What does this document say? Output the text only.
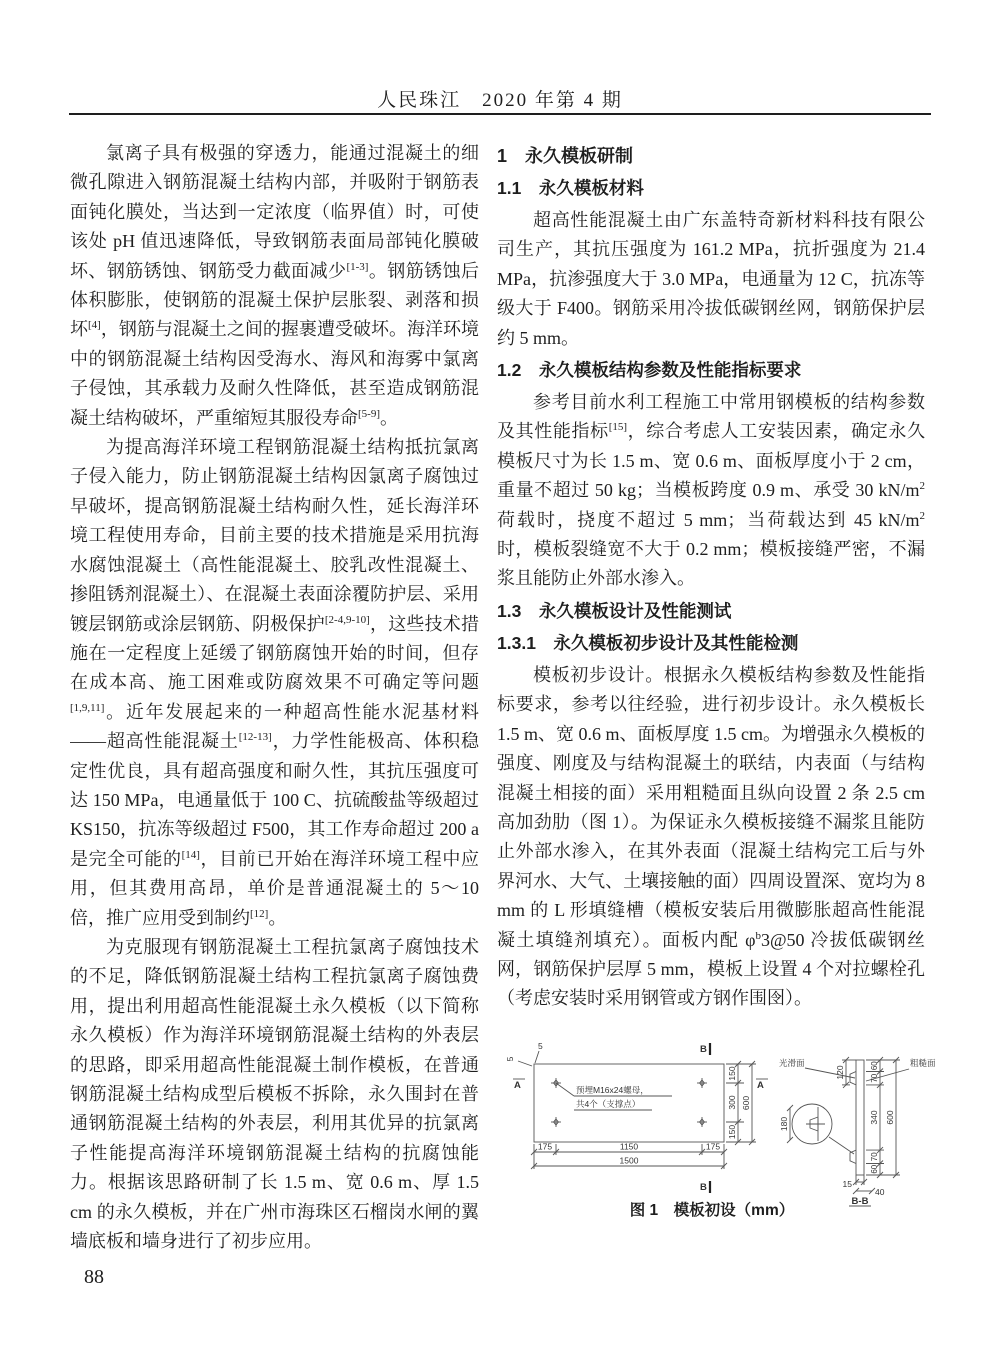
人民珠江　2020 年第 4 期

氯离子具有极强的穿透力，能通过混凝土的细微孔隙进入钢筋混凝土结构内部，并吸附于钢筋表面钝化膜处，当达到一定浓度（临界值）时，可使该处 pH 值迅速降低，导致钢筋表面局部钝化膜破坏、钢筋锈蚀、钢筋受力截面减少[1-3]。钢筋锈蚀后体积膨胀，使钢筋的混凝土保护层胀裂、剥落和损坏[4]，钢筋与混凝土之间的握裹遭受破坏。海洋环境中的钢筋混凝土结构因受海水、海风和海雾中氯离子侵蚀，其承载力及耐久性降低，甚至造成钢筋混凝土结构破坏，严重缩短其服役寿命[5-9]。

为提高海洋环境工程钢筋混凝土结构抵抗氯离子侵入能力，防止钢筋混凝土结构因氯离子腐蚀过早破坏，提高钢筋混凝土结构耐久性，延长海洋环境工程使用寿命，目前主要的技术措施是采用抗海水腐蚀混凝土（高性能混凝土、胶乳改性混凝土、掺阻锈剂混凝土）、在混凝土表面涂覆防护层、采用镀层钢筋或涂层钢筋、阴极保护[2-4,9-10]，这些技术措施在一定程度上延缓了钢筋腐蚀开始的时间，但存在成本高、施工困难或防腐效果不可确定等问题[1,9,11]。近年发展起来的一种超高性能水泥基材料——超高性能混凝土[12-13]，力学性能极高、体积稳定性优良，具有超高强度和耐久性，其抗压强度可达 150 MPa，电通量低于 100 C、抗硫酸盐等级超过 KS150，抗冻等级超过 F500，其工作寿命超过 200 a 是完全可能的[14]，目前已开始在海洋环境工程中应用，但其费用高昂，单价是普通混凝土的 5～10 倍，推广应用受到制约[12]。

为克服现有钢筋混凝土工程抗氯离子腐蚀技术的不足，降低钢筋混凝土结构工程抗氯离子腐蚀费用，提出利用超高性能混凝土永久模板（以下简称永久模板）作为海洋环境钢筋混凝土结构的外表层的思路，即采用超高性能混凝土制作模板，在普通钢筋混凝土结构成型后模板不拆除，永久围封在普通钢筋混凝土结构的外表层，利用其优异的抗氯离子性能提高海洋环境钢筋混凝土结构的抗腐蚀能力。根据该思路研制了长 1.5 m、宽 0.6 m、厚 1.5 cm 的永久模板，并在广州市海珠区石榴岗水闸的翼墙底板和墙身进行了初步应用。

1　永久模板研制
1.1　永久模板材料

超高性能混凝土由广东盖特奇新材料科技有限公司生产，其抗压强度为 161.2 MPa，抗折强度为 21.4 MPa，抗渗强度大于 3.0 MPa，电通量为 12 C，抗冻等级大于 F400。钢筋采用冷拔低碳钢丝网，钢筋保护层约 5 mm。

1.2　永久模板结构参数及性能指标要求

参考目前水利工程施工中常用钢模板的结构参数及其性能指标[15]，综合考虑人工安装因素，确定永久模板尺寸为长 1.5 m、宽 0.6 m、面板厚度小于 2 cm，重量不超过 50 kg；当模板跨度 0.9 m、承受 30 $kN/m^2$ 荷载时，挠度不超过 5 mm；当荷载达到 45 $kN/m^2$ 时，模板裂缝宽不大于 0.2 mm；模板接缝严密，不漏浆且能防止外部水渗入。

1.3　永久模板设计及性能测试
1.3.1　永久模板初步设计及其性能检测

模板初步设计。根据永久模板结构参数及性能指标要求，参考以往经验，进行初步设计。永久模板长 1.5 m、宽 0.6 m、面板厚度 1.5 cm。为增强永久模板的强度、刚度及与结构混凝土的联结，内表面（与结构混凝土相接的面）采用粗糙面且纵向设置 2 条 2.5 cm 高加劲肋（图 1）。为保证永久模板接缝不漏浆且能防止外部水渗入，在其外表面（混凝土结构完工后与外界河水、大气、土壤接触的面）四周设置深、宽均为 8 mm 的 L 形填缝槽（模板安装后用微膨胀超高性能混凝土填缝剂填充）。面板内配 $\varphi^b3@50$ 冷拔低碳钢丝网，钢筋保护层厚 5 mm，模板上设置 4 个对拉螺栓孔（考虑安装时采用钢管或方钢作围囹）。

5
5
预埋M16x24螺母，
共4个（支撑点）
175	1150	175
1500
150
300
150
600
B
B
A	A
光滑面	粗糙面
180
60
70
340
70
60
600
120
15
40
B-B
图 1　模板初设（mm）
88
